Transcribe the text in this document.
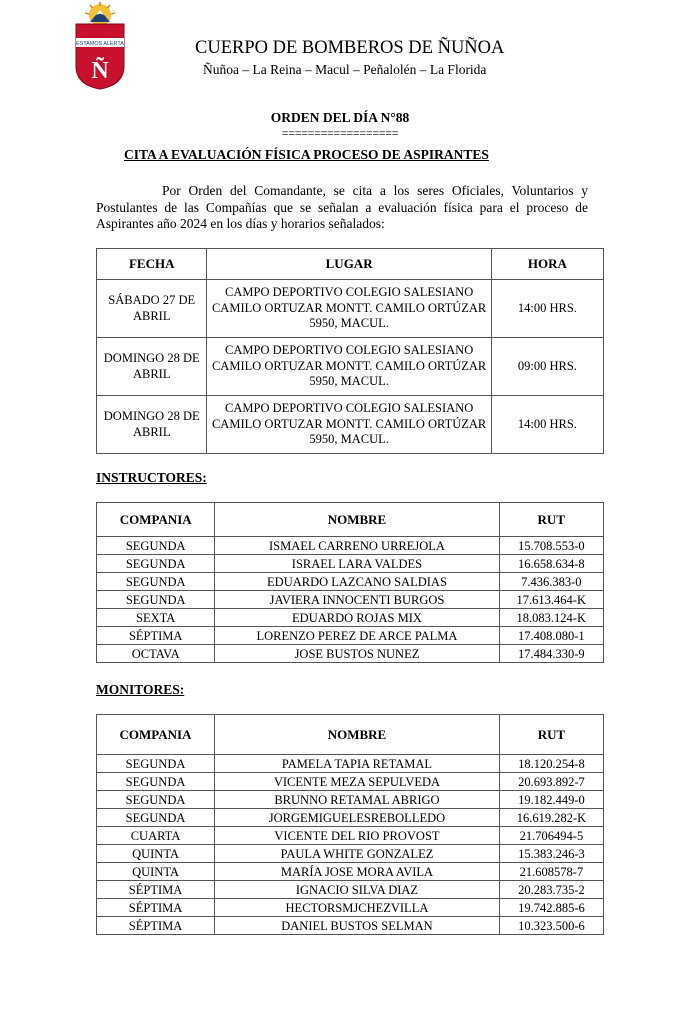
ESTAMOS ALERTA
Ñ
CUERPO DE BOMBEROS DE ÑUÑOA
Ñuñoa – La Reina – Macul – Peñalolén – La Florida
ORDEN DEL DÍA N°88
==================
CITA A EVALUACIÓN FÍSICA PROCESO DE ASPIRANTES

Por Orden del Comandante, se cita a los seres Oficiales, Voluntarios y Postulantes de las Compañías que se señalan a evaluación física para el proceso de Aspirantes año 2024 en los días y horarios señalados:

FECHA	LUGAR	HORA
SÁBADO 27 DE ABRIL	CAMPO DEPORTIVO COLEGIO SALESIANO CAMILO ORTUZAR MONTT. CAMILO ORTÚZAR 5950, MACUL.	14:00 HRS.
DOMINGO 28 DE ABRIL	CAMPO DEPORTIVO COLEGIO SALESIANO CAMILO ORTUZAR MONTT. CAMILO ORTÚZAR 5950, MACUL.	09:00 HRS.
DOMINGO 28 DE ABRIL	CAMPO DEPORTIVO COLEGIO SALESIANO CAMILO ORTUZAR MONTT. CAMILO ORTÚZAR 5950, MACUL.	14:00 HRS.
INSTRUCTORES:
COMPANIA	NOMBRE	RUT
SEGUNDA	ISMAEL CARRENO URREJOLA	15.708.553-0
SEGUNDA	ISRAEL LARA VALDES	16.658.634-8
SEGUNDA	EDUARDO LAZCANO SALDIAS	7.436.383-0
SEGUNDA	JAVIERA INNOCENTI BURGOS	17.613.464-K
SEXTA	EDUARDO ROJAS MIX	18.083.124-K
SÉPTIMA	LORENZO PEREZ DE ARCE PALMA	17.408.080-1
OCTAVA	JOSE BUSTOS NUNEZ	17.484.330-9
MONITORES:
COMPANIA	NOMBRE	RUT
SEGUNDA	PAMELA TAPIA RETAMAL	18.120.254-8
SEGUNDA	VICENTE MEZA SEPULVEDA	20.693.892-7
SEGUNDA	BRUNNO RETAMAL ABRIGO	19.182.449-0
SEGUNDA	JORGEMIGUELESREBOLLEDO	16.619.282-K
CUARTA	VICENTE DEL RIO PROVOST	21.706494-5
QUINTA	PAULA WHITE GONZALEZ	15.383.246-3
QUINTA	MARÍA JOSE MORA AVILA	21.608578-7
SÉPTIMA	IGNACIO SILVA DIAZ	20.283.735-2
SÉPTIMA	HECTORSMJCHEZVILLA	19.742.885-6
SÉPTIMA	DANIEL BUSTOS SELMAN	10.323.500-6
